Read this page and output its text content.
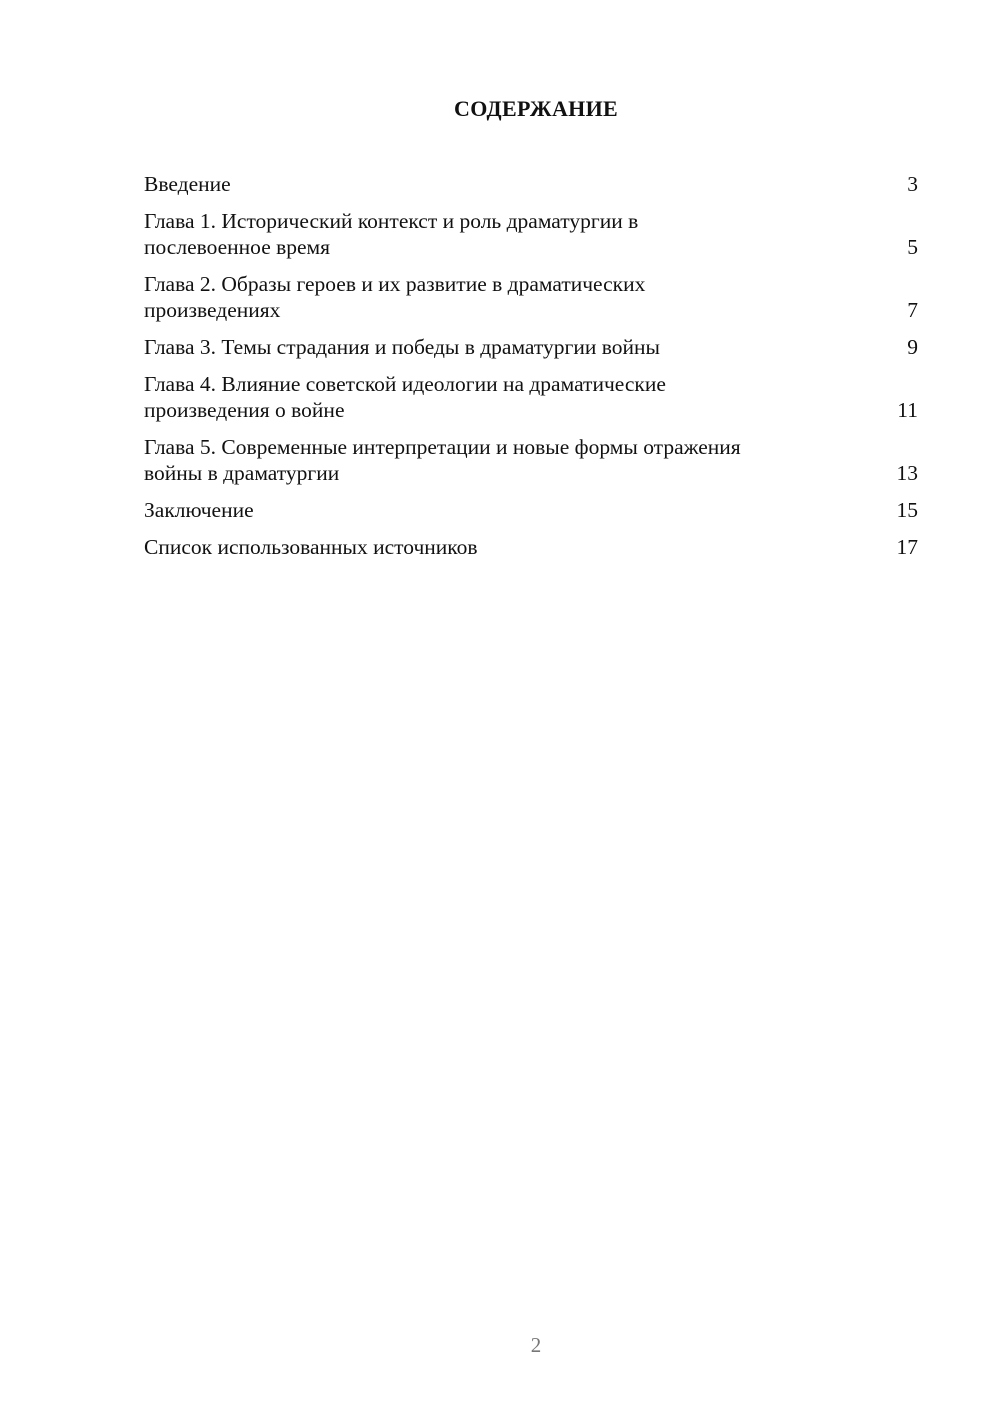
СОДЕРЖАНИЕ
Введение	3
Глава 1. Исторический контекст и роль драматургии в послевоенное время	5
Глава 2. Образы героев и их развитие в драматических произведениях	7
Глава 3. Темы страдания и победы в драматургии войны	9
Глава 4. Влияние советской идеологии на драматические произведения о войне	11
Глава 5. Современные интерпретации и новые формы отражения войны в драматургии	13
Заключение	15
Список использованных источников	17
2
